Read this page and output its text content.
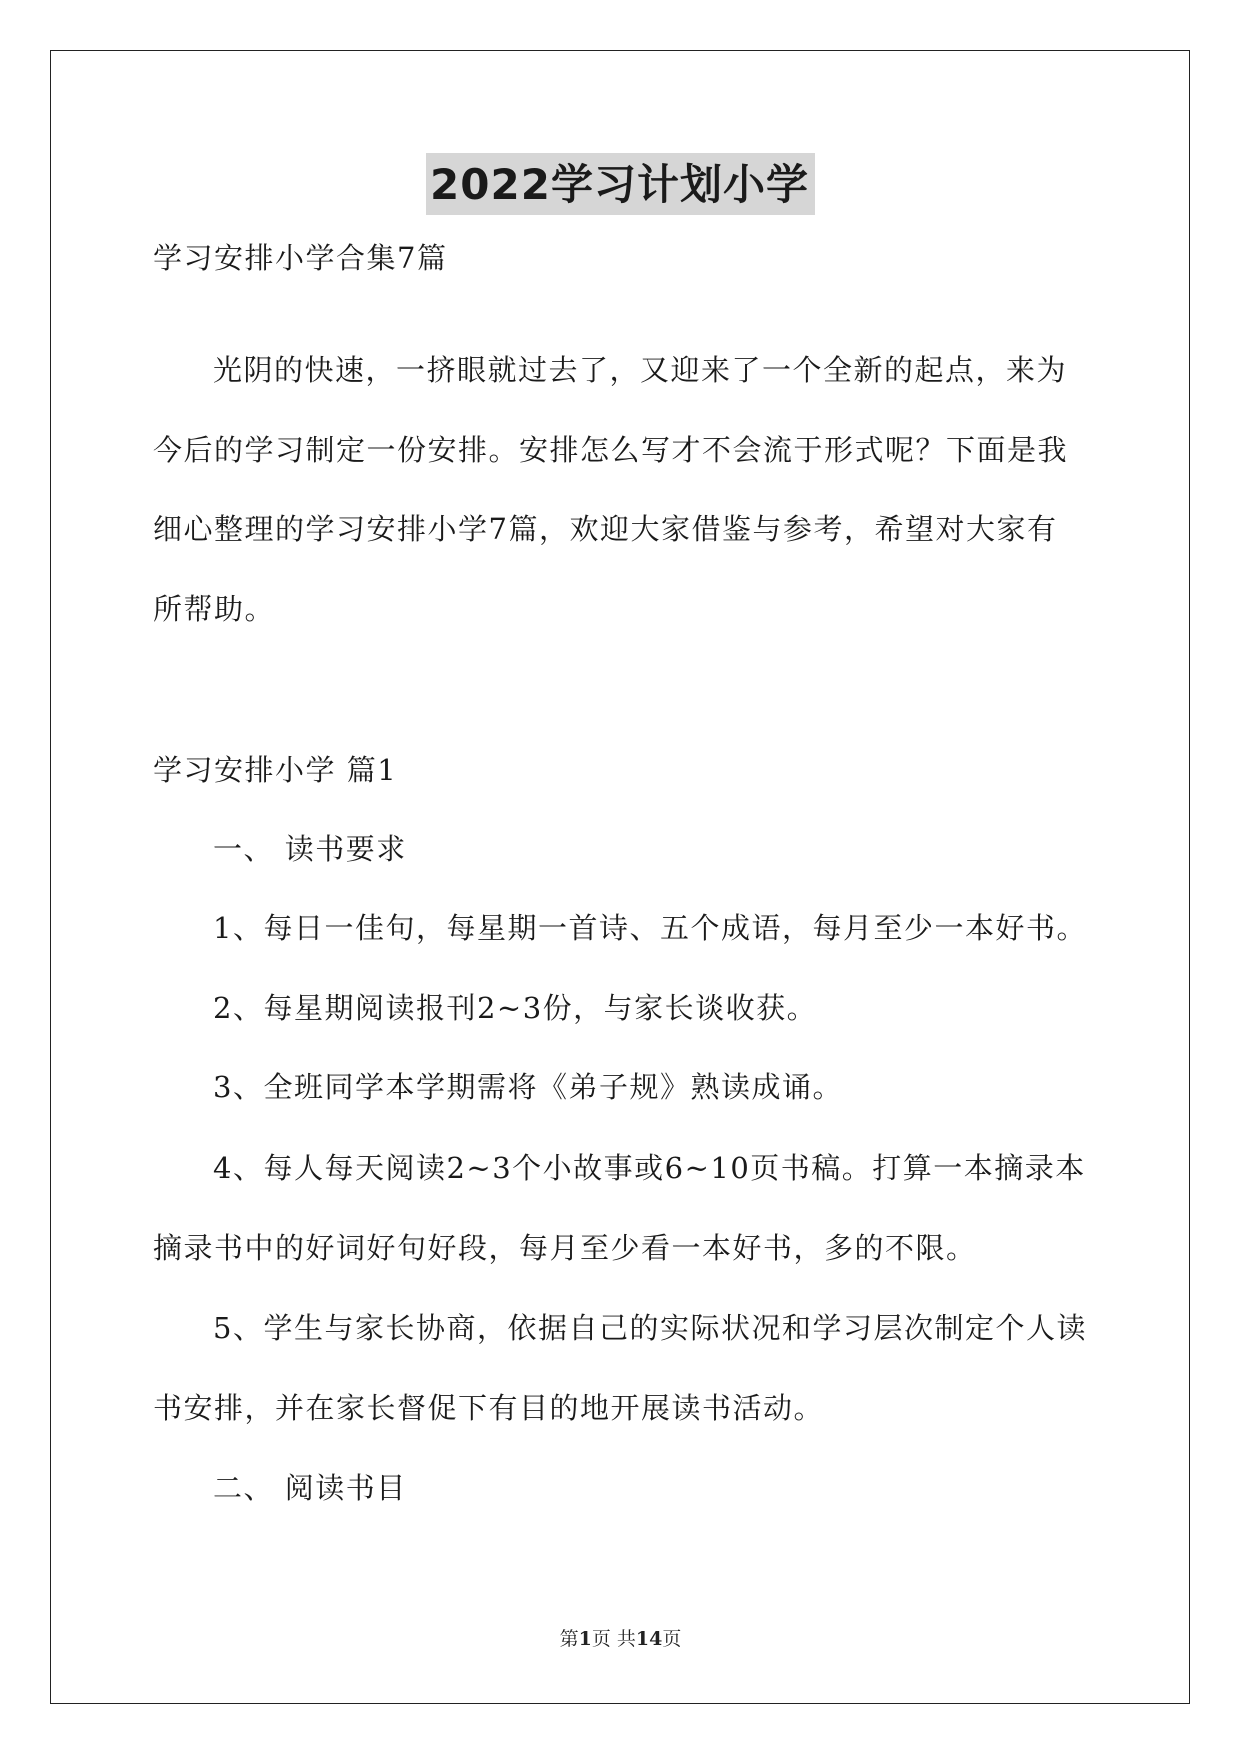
2022学习计划小学
学习安排小学合集7篇
光阴的快速，一挤眼就过去了，又迎来了一个全新的起点，来为
今后的学习制定一份安排。安排怎么写才不会流于形式呢？下面是我
细心整理的学习安排小学7篇，欢迎大家借鉴与参考，希望对大家有
所帮助。
学习安排小学 篇1
一、 读书要求
1、每日一佳句，每星期一首诗、五个成语，每月至少一本好书。
2、每星期阅读报刊2~3份，与家长谈收获。
3、全班同学本学期需将《弟子规》熟读成诵。
4、每人每天阅读2~3个小故事或6~10页书稿。打算一本摘录本
摘录书中的好词好句好段，每月至少看一本好书，多的不限。
5、学生与家长协商，依据自己的实际状况和学习层次制定个人读
书安排，并在家长督促下有目的地开展读书活动。
二、 阅读书目
第1页 共14页
